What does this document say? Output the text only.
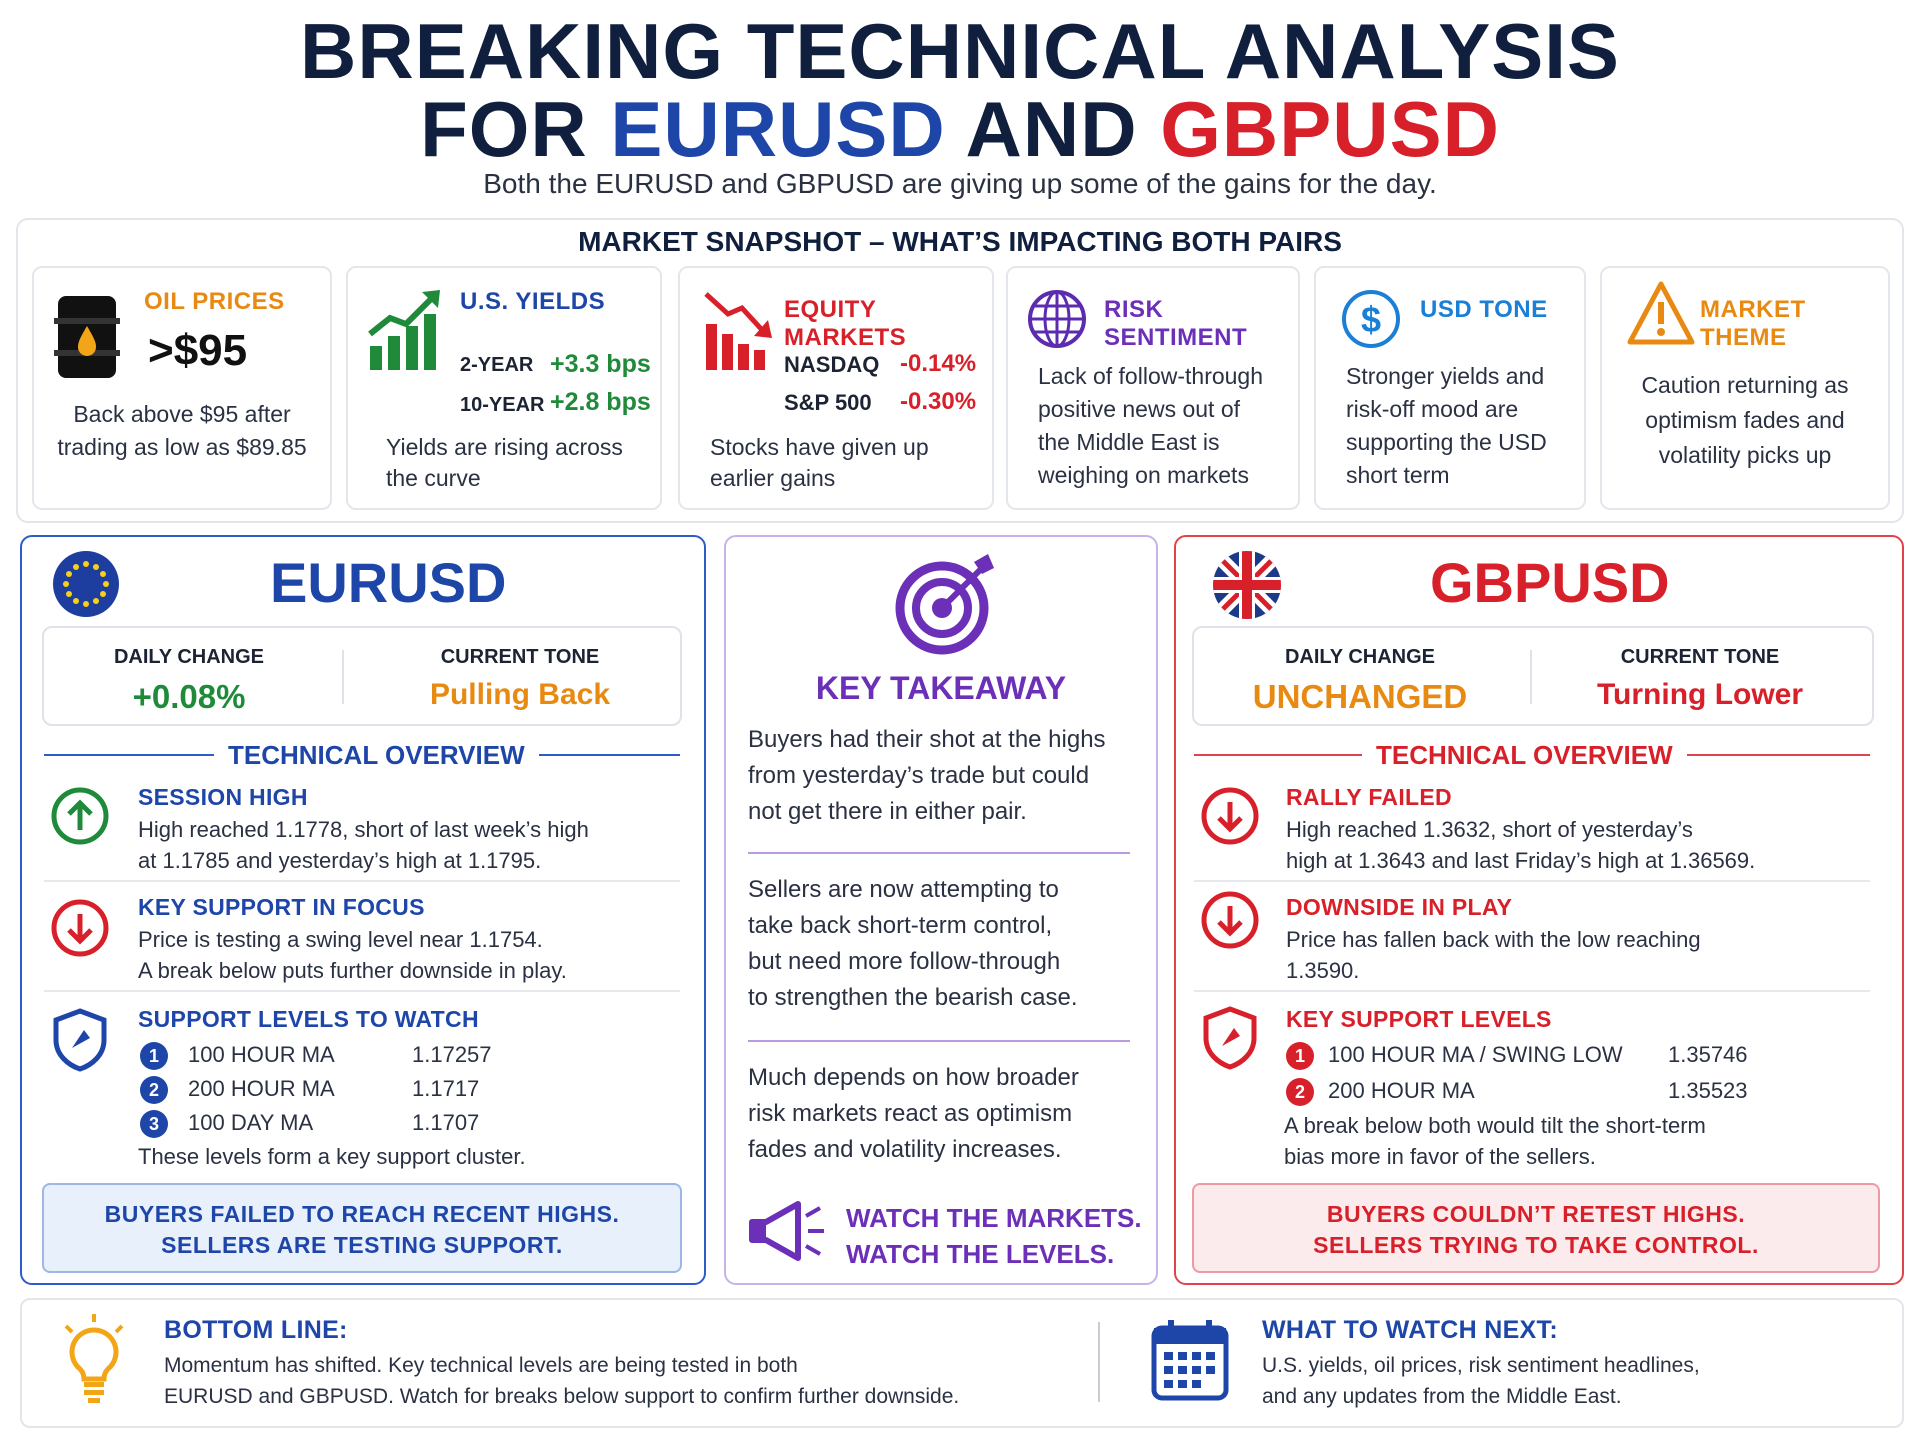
BREAKING TECHNICAL ANALYSIS
FOR EURUSD AND GBPUSD
Both the EURUSD and GBPUSD are giving up some of the gains for the day.
MARKET SNAPSHOT – WHAT’S IMPACTING BOTH PAIRS
OIL PRICES
>$95
Back above $95 after
trading as low as $89.85
U.S. YIELDS
2-YEAR +3.3 bps
10-YEAR +2.8 bps
Yields are rising across
the curve
EQUITY MARKETS
NASDAQ -0.14%
S&P 500 -0.30%
Stocks have given up
earlier gains
RISK SENTIMENT
Lack of follow-through
positive news out of
the Middle East is
weighing on markets
$ USD TONE
Stronger yields and
risk-off mood are
supporting the USD
short term
MARKET THEME
Caution returning as
optimism fades and
volatility picks up
EURUSD
DAILY CHANGE
+0.08%
CURRENT TONE
Pulling Back
TECHNICAL OVERVIEW
SESSION HIGH
High reached 1.1778, short of last week’s high
at 1.1785 and yesterday’s high at 1.1795.
KEY SUPPORT IN FOCUS
Price is testing a swing level near 1.1754.
A break below puts further downside in play.
SUPPORT LEVELS TO WATCH
1	100 HOUR MA	1.17257
2	200 HOUR MA	1.1717
3	100 DAY MA	1.1707
These levels form a key support cluster.
BUYERS FAILED TO REACH RECENT HIGHS.
SELLERS ARE TESTING SUPPORT.
KEY TAKEAWAY
Buyers had their shot at the highs
from yesterday’s trade but could
not get there in either pair.
Sellers are now attempting to
take back short-term control,
but need more follow-through
to strengthen the bearish case.
Much depends on how broader
risk markets react as optimism
fades and volatility increases.
WATCH THE MARKETS.
WATCH THE LEVELS.
GBPUSD
DAILY CHANGE
UNCHANGED
CURRENT TONE
Turning Lower
TECHNICAL OVERVIEW
RALLY FAILED
High reached 1.3632, short of yesterday’s
high at 1.3643 and last Friday’s high at 1.36569.
DOWNSIDE IN PLAY
Price has fallen back with the low reaching
1.3590.
KEY SUPPORT LEVELS
1	100 HOUR MA / SWING LOW 1.35746
2	200 HOUR MA	1.35523
A break below both would tilt the short-term
bias more in favor of the sellers.
BUYERS COULDN’T RETEST HIGHS.
SELLERS TRYING TO TAKE CONTROL.
BOTTOM LINE:
Momentum has shifted. Key technical levels are being tested in both
EURUSD and GBPUSD. Watch for breaks below support to confirm further downside.
WHAT TO WATCH NEXT:
U.S. yields, oil prices, risk sentiment headlines,
and any updates from the Middle East.
